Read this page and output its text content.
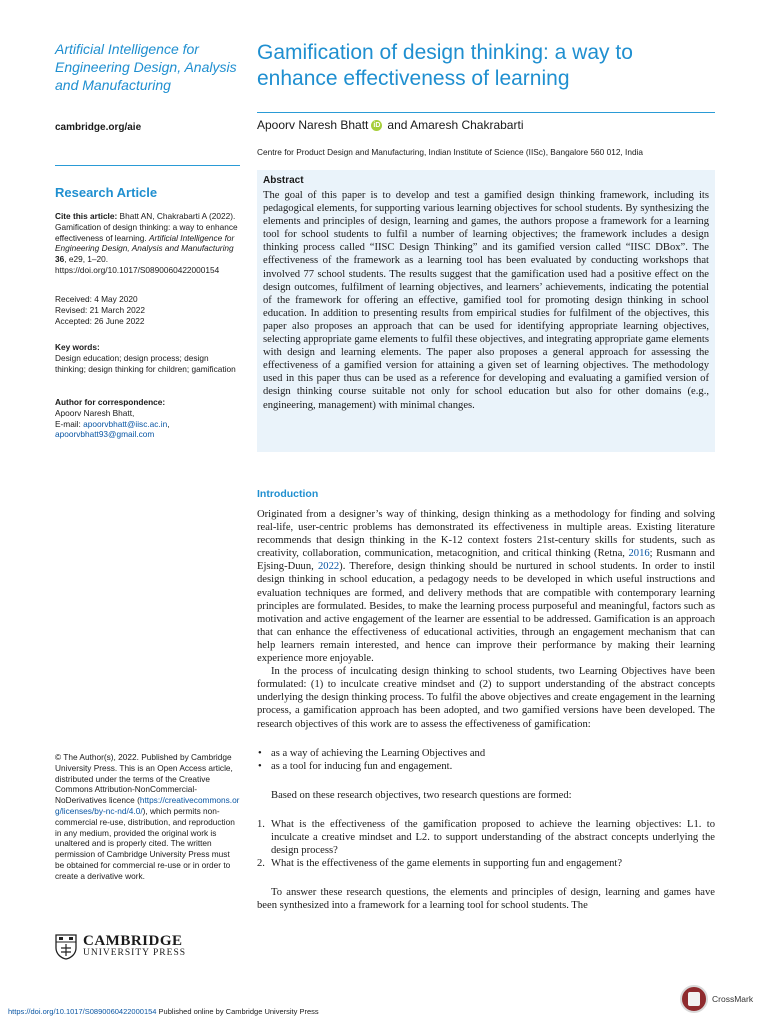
Artificial Intelligence for
Engineering Design, Analysis
and Manufacturing

cambridge.org/aie
Research Article
Cite this article: Bhatt AN, Chakrabarti A (2022). Gamification of design thinking: a way to enhance effectiveness of learning. Artificial Intelligence for Engineering Design, Analysis and Manufacturing 36, e29, 1–20. https://doi.org/10.1017/S0890060422000154
Received: 4 May 2020
Revised: 21 March 2022
Accepted: 26 June 2022
Key words:
Design education; design process; design thinking; design thinking for children; gamification
Author for correspondence:
Apoorv Naresh Bhatt,
E-mail: apoorvbhatt@iisc.ac.in,
apoorvbhatt93@gmail.com
© The Author(s), 2022. Published by Cambridge University Press. This is an Open Access article, distributed under the terms of the Creative Commons Attribution-NonCommercial-NoDerivatives licence (https://creativecommons.org/licenses/by-nc-nd/4.0/), which permits non-commercial re-use, distribution, and reproduction in any medium, provided the original work is unaltered and is properly cited. The written permission of Cambridge University Press must be obtained for commercial re-use or in order to create a derivative work.
CAMBRIDGE
UNIVERSITY PRESS
Gamification of design thinking: a way to enhance effectiveness of learning
Apoorv Naresh Bhatt iD and Amaresh Chakrabarti
Centre for Product Design and Manufacturing, Indian Institute of Science (IISc), Bangalore 560 012, India
Abstract
The goal of this paper is to develop and test a gamified design thinking framework, including its pedagogical elements, for supporting various learning objectives for school students. By synthesizing the elements and principles of design, learning and games, the authors propose a framework for a learning tool for school students to fulfil a number of learning objectives; the framework includes a design thinking process called “IISC Design Thinking” and its gamified version called “IISC DBox”. The effectiveness of the framework as a learning tool has been evaluated by conducting workshops that involved 77 school students. The results suggest that the gamification used had a positive effect on the design outcomes, fulfilment of learning objectives, and learners’ achievements, indicating the potential of the framework for offering an effective, gamified tool for promoting design thinking in school education. In addition to presenting results from empirical studies for fulfilment of the objectives, this paper also proposes an approach that can be used for identifying appropriate learning objectives, selecting appropriate game elements to fulfil these objectives, and integrating appropriate game elements with design and learning elements. The paper also proposes a general approach for assessing the effectiveness of a gamified version for attaining a given set of learning objectives. The methodology used in this paper thus can be used as a reference for developing and evaluating a gamified version of design thinking course suitable not only for school education but also for other domains (e.g., engineering, management) with minimal changes.
Introduction

Originated from a designer’s way of thinking, design thinking as a methodology for finding and solving real-life, user-centric problems has demonstrated its effectiveness in multiple areas. Existing literature recommends that design thinking in the K-12 context fosters 21st-century skills for students, such as creativity, collaboration, communication, metacognition, and critical thinking (Retna, 2016; Rusmann and Ejsing-Duun, 2022). Therefore, design thinking should be nurtured in school students. In order to instil design thinking in school education, a pedagogy needs to be developed in which useful instructions and evaluation techniques are formed, and delivery methods that are compatible with contemporary learning principles are formulated. Besides, to make the learning process purposeful and meaningful, factors such as motivation and active engagement of the learner are essential to be addressed. Gamification is an approach that can enhance the effectiveness of educational activities, through an engagement mechanism that can help learners remain interested, and hence can improve their performance by making their learning experience more enjoyable.

In the process of inculcating design thinking to school students, two Learning Objectives have been formulated: (1) to inculcate creative mindset and (2) to support understanding of the abstract concepts underlying the design thinking process. To fulfil the above objectives and create engagement in the learning process, a gamification approach has been adopted, and two gamified versions have been developed. The research objectives of this work are to assess the effectiveness of gamification:

• as a way of achieving the Learning Objectives and
• as a tool for inducing fun and engagement.

Based on these research objectives, two research questions are formed:

1. What is the effectiveness of the gamification proposed to achieve the learning objectives: L1. to inculcate a creative mindset and L2. to support understanding of the abstract concepts underlying the design process?
2. What is the effectiveness of the game elements in supporting fun and engagement?

To answer these research questions, the elements and principles of design, learning and games have been synthesized into a framework for a learning tool for school students. The

https://doi.org/10.1017/S0890060422000154 Published online by Cambridge University Press
CrossMark
